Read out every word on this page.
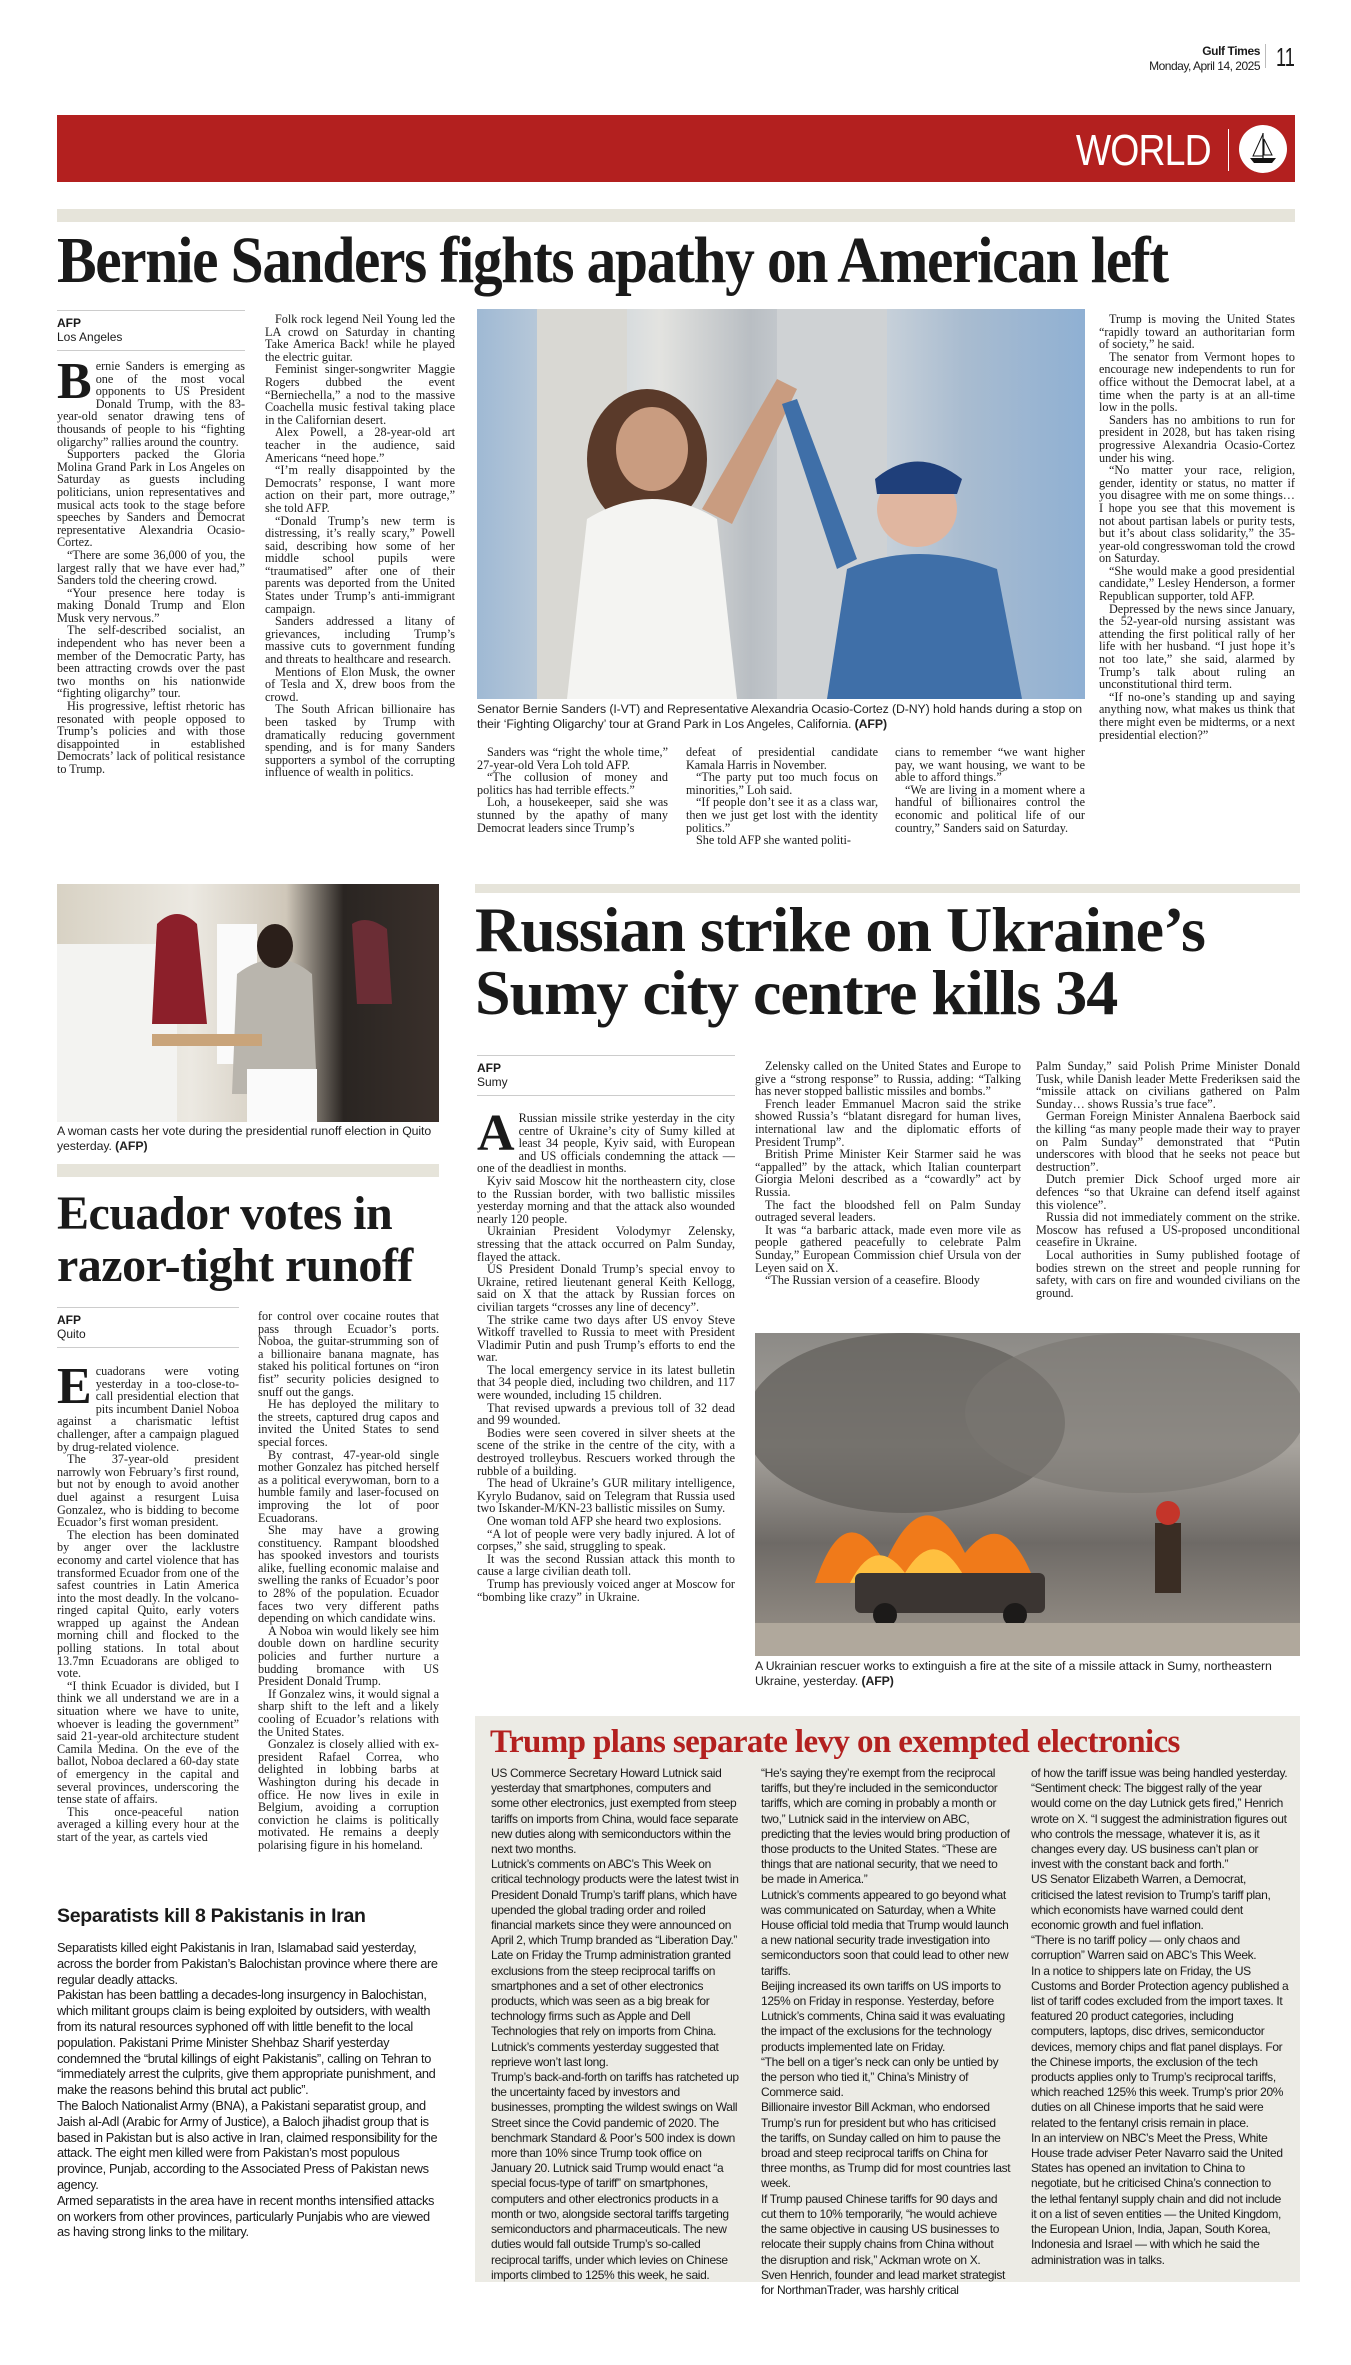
Gulf Times
Monday, April 14, 2025 11
WORLD
Bernie Sanders fights apathy on American left
AFP
Los Angeles

Bernie Sanders is emerging as one of the most vocal opponents to US President Donald Trump, with the 83-year-old senator drawing tens of thousands of people to his “fighting oligarchy” rallies around the country.

Supporters packed the Gloria Molina Grand Park in Los Angeles on Saturday as guests including politicians, union representatives and musical acts took to the stage before speeches by Sanders and Democrat representative Alexandria Ocasio-Cortez.

“There are some 36,000 of you, the largest rally that we have ever had,” Sanders told the cheering crowd.

“Your presence here today is making Donald Trump and Elon Musk very nervous.”

The self-described socialist, an independent who has never been a member of the Democratic Party, has been attracting crowds over the past two months on his nationwide “fighting oligarchy” tour.

His progressive, leftist rhetoric has resonated with people opposed to Trump’s policies and with those disappointed in established Democrats’ lack of political resistance to Trump.

Folk rock legend Neil Young led the LA crowd on Saturday in chanting Take America Back! while he played the electric guitar.

Feminist singer-songwriter Maggie Rogers dubbed the event “Berniechella,” a nod to the massive Coachella music festival taking place in the Californian desert.

Alex Powell, a 28-year-old art teacher in the audience, said Americans “need hope.”

“I’m really disappointed by the Democrats’ response, I want more action on their part, more outrage,” she told AFP.

“Donald Trump’s new term is distressing, it’s really scary,” Powell said, describing how some of her middle school pupils were “traumatised” after one of their parents was deported from the United States under Trump’s anti-immigrant campaign.

Sanders addressed a litany of grievances, including Trump’s massive cuts to government funding and threats to healthcare and research.

Mentions of Elon Musk, the owner of Tesla and X, drew boos from the crowd.

The South African billionaire has been tasked by Trump with dramatically reducing government spending, and is for many Sanders supporters a symbol of the corrupting influence of wealth in politics.

Senator Bernie Sanders (I-VT) and Representative Alexandria Ocasio-Cortez (D-NY) hold hands during a stop on their ‘Fighting Oligarchy’ tour at Grand Park in Los Angeles, California. (AFP)

Sanders was “right the whole time,” 27-year-old Vera Loh told AFP.

“The collusion of money and politics has had terrible effects.”

Loh, a housekeeper, said she was stunned by the apathy of many Democrat leaders since Trump’s

defeat of presidential candidate Kamala Harris in November.

“The party put too much focus on minorities,” Loh said.

“If people don’t see it as a class war, then we just get lost with the identity politics.”

She told AFP she wanted politi-

cians to remember “we want higher pay, we want housing, we want to be able to afford things.”

“We are living in a moment where a handful of billionaires control the economic and political life of our country,” Sanders said on Saturday.

Trump is moving the United States “rapidly toward an authoritarian form of society,” he said.

The senator from Vermont hopes to encourage new independents to run for office without the Democrat label, at a time when the party is at an all-time low in the polls.

Sanders has no ambitions to run for president in 2028, but has taken rising progressive Alexandria Ocasio-Cortez under his wing.

“No matter your race, religion, gender, identity or status, no matter if you disagree with me on some things… I hope you see that this movement is not about partisan labels or purity tests, but it’s about class solidarity,” the 35-year-old congresswoman told the crowd on Saturday.

“She would make a good presidential candidate,” Lesley Henderson, a former Republican supporter, told AFP.

Depressed by the news since January, the 52-year-old nursing assistant was attending the first political rally of her life with her husband. “I just hope it’s not too late,” she said, alarmed by Trump’s talk about ruling an unconstitutional third term.

“If no-one’s standing up and saying anything now, what makes us think that there might even be midterms, or a next presidential election?”

A woman casts her vote during the presidential runoff election in Quito yesterday. (AFP)
Ecuador votes in razor-tight runoff
AFP
Quito

Ecuadorans were voting yesterday in a too-close-to-call presidential election that pits incumbent Daniel Noboa against a charismatic leftist challenger, after a campaign plagued by drug-related violence.

The 37-year-old president narrowly won February’s first round, but not by enough to avoid another duel against a resurgent Luisa Gonzalez, who is bidding to become Ecuador’s first woman president.

The election has been dominated by anger over the lacklustre economy and cartel violence that has transformed Ecuador from one of the safest countries in Latin America into the most deadly. In the volcano-ringed capital Quito, early voters wrapped up against the Andean morning chill and flocked to the polling stations. In total about 13.7mn Ecuadorans are obliged to vote.

“I think Ecuador is divided, but I think we all understand we are in a situation where we have to unite, whoever is leading the government” said 21-year-old architecture student Camila Medina. On the eve of the ballot, Noboa declared a 60-day state of emergency in the capital and several provinces, underscoring the tense state of affairs.

This once-peaceful nation averaged a killing every hour at the start of the year, as cartels vied

for control over cocaine routes that pass through Ecuador’s ports. Noboa, the guitar-strumming son of a billionaire banana magnate, has staked his political fortunes on “iron fist” security policies designed to snuff out the gangs.

He has deployed the military to the streets, captured drug capos and invited the United States to send special forces.

By contrast, 47-year-old single mother Gonzalez has pitched herself as a political everywoman, born to a humble family and laser-focused on improving the lot of poor Ecuadorans.

She may have a growing constituency. Rampant bloodshed has spooked investors and tourists alike, fuelling economic malaise and swelling the ranks of Ecuador’s poor to 28% of the population. Ecuador faces two very different paths depending on which candidate wins.

A Noboa win would likely see him double down on hardline security policies and further nurture a budding bromance with US President Donald Trump.

If Gonzalez wins, it would signal a sharp shift to the left and a likely cooling of Ecuador’s relations with the United States.

Gonzalez is closely allied with ex-president Rafael Correa, who delighted in lobbing barbs at Washington during his decade in office. He now lives in exile in Belgium, avoiding a corruption conviction he claims is politically motivated. He remains a deeply polarising figure in his homeland.

Separatists kill 8 Pakistanis in Iran

Separatists killed eight Pakistanis in Iran, Islamabad said yesterday, across the border from Pakistan’s Balochistan province where there are regular deadly attacks.

Pakistan has been battling a decades-long insurgency in Balochistan, which militant groups claim is being exploited by outsiders, with wealth from its natural resources syphoned off with little benefit to the local population. Pakistani Prime Minister Shehbaz Sharif yesterday condemned the “brutal killings of eight Pakistanis”, calling on Tehran to “immediately arrest the culprits, give them appropriate punishment, and make the reasons behind this brutal act public”.

The Baloch Nationalist Army (BNA), a Pakistani separatist group, and Jaish al-Adl (Arabic for Army of Justice), a Baloch jihadist group that is based in Pakistan but is also active in Iran, claimed responsibility for the attack. The eight men killed were from Pakistan’s most populous province, Punjab, according to the Associated Press of Pakistan news agency.

Armed separatists in the area have in recent months intensified attacks on workers from other provinces, particularly Punjabis who are viewed as having strong links to the military.

Russian strike on Ukraine’s Sumy city centre kills 34
AFP
Sumy

ARussian missile strike yesterday in the city centre of Ukraine’s city of Sumy killed at least 34 people, Kyiv said, with European and US officials condemning the attack — one of the deadliest in months.

Kyiv said Moscow hit the northeastern city, close to the Russian border, with two ballistic missiles yesterday morning and that the attack also wounded nearly 120 people.

Ukrainian President Volodymyr Zelensky, stressing that the attack occurred on Palm Sunday, flayed the attack.

US President Donald Trump’s special envoy to Ukraine, retired lieutenant general Keith Kellogg, said on X that the attack by Russian forces on civilian targets “crosses any line of decency”.

The strike came two days after US envoy Steve Witkoff travelled to Russia to meet with President Vladimir Putin and push Trump’s efforts to end the war.

The local emergency service in its latest bulletin that 34 people died, including two children, and 117 were wounded, including 15 children.

That revised upwards a previous toll of 32 dead and 99 wounded.

Bodies were seen covered in silver sheets at the scene of the strike in the centre of the city, with a destroyed trolleybus. Rescuers worked through the rubble of a building.

The head of Ukraine’s GUR military intelligence, Kyrylo Budanov, said on Telegram that Russia used two Iskander-M/KN-23 ballistic missiles on Sumy.

One woman told AFP she heard two explosions.

“A lot of people were very badly injured. A lot of corpses,” she said, struggling to speak.

It was the second Russian attack this month to cause a large civilian death toll.

Trump has previously voiced anger at Moscow for “bombing like crazy” in Ukraine.

Zelensky called on the United States and Europe to give a “strong response” to Russia, adding: “Talking has never stopped ballistic missiles and bombs.”

French leader Emmanuel Macron said the strike showed Russia’s “blatant disregard for human lives, international law and the diplomatic efforts of President Trump”.

British Prime Minister Keir Starmer said he was “appalled” by the attack, which Italian counterpart Giorgia Meloni described as a “cowardly” act by Russia.

The fact the bloodshed fell on Palm Sunday outraged several leaders.

It was “a barbaric attack, made even more vile as people gathered peacefully to celebrate Palm Sunday,” European Commission chief Ursula von der Leyen said on X.

“The Russian version of a ceasefire. Bloody

Palm Sunday,” said Polish Prime Minister Donald Tusk, while Danish leader Mette Frederiksen said the “missile attack on civilians gathered on Palm Sunday… shows Russia’s true face”.

German Foreign Minister Annalena Baerbock said the killing “as many people made their way to prayer on Palm Sunday” demonstrated that “Putin underscores with blood that he seeks not peace but destruction”.

Dutch premier Dick Schoof urged more air defences “so that Ukraine can defend itself against this violence”.

Russia did not immediately comment on the strike. Moscow has refused a US-proposed unconditional ceasefire in Ukraine.

Local authorities in Sumy published footage of bodies strewn on the street and people running for safety, with cars on fire and wounded civilians on the ground.

A Ukrainian rescuer works to extinguish a fire at the site of a missile attack in Sumy, northeastern Ukraine, yesterday. (AFP)
Trump plans separate levy on exempted electronics

US Commerce Secretary Howard Lutnick said yesterday that smartphones, computers and some other electronics, just exempted from steep tariffs on imports from China, would face separate new duties along with semiconductors within the next two months.

Lutnick’s comments on ABC’s This Week on critical technology products were the latest twist in President Donald Trump’s tariff plans, which have upended the global trading order and roiled financial markets since they were announced on April 2, which Trump branded as “Liberation Day.”

Late on Friday the Trump administration granted exclusions from the steep reciprocal tariffs on smartphones and a set of other electronics products, which was seen as a big break for technology firms such as Apple and Dell Technologies that rely on imports from China. Lutnick’s comments yesterday suggested that reprieve won’t last long.

Trump’s back-and-forth on tariffs has ratcheted up the uncertainty faced by investors and businesses, prompting the wildest swings on Wall Street since the Covid pandemic of 2020. The benchmark Standard & Poor’s 500 index is down more than 10% since Trump took office on January 20. Lutnick said Trump would enact “a special focus-type of tariff” on smartphones, computers and other electronics products in a month or two, alongside sectoral tariffs targeting semiconductors and pharmaceuticals. The new duties would fall outside Trump’s so-called reciprocal tariffs, under which levies on Chinese imports climbed to 125% this week, he said.

“He’s saying they’re exempt from the reciprocal tariffs, but they’re included in the semiconductor tariffs, which are coming in probably a month or two,” Lutnick said in the interview on ABC, predicting that the levies would bring production of those products to the United States. “These are things that are national security, that we need to be made in America.”

Lutnick’s comments appeared to go beyond what was communicated on Saturday, when a White House official told media that Trump would launch a new national security trade investigation into semiconductors soon that could lead to other new tariffs.

Beijing increased its own tariffs on US imports to 125% on Friday in response. Yesterday, before Lutnick’s comments, China said it was evaluating the impact of the exclusions for the technology products implemented late on Friday.

“The bell on a tiger’s neck can only be untied by the person who tied it,” China’s Ministry of Commerce said.

Billionaire investor Bill Ackman, who endorsed Trump’s run for president but who has criticised the tariffs, on Sunday called on him to pause the broad and steep reciprocal tariffs on China for three months, as Trump did for most countries last week.

If Trump paused Chinese tariffs for 90 days and cut them to 10% temporarily, “he would achieve the same objective in causing US businesses to relocate their supply chains from China without the disruption and risk,” Ackman wrote on X.

Sven Henrich, founder and lead market strategist for NorthmanTrader, was harshly critical

of how the tariff issue was being handled yesterday.

“Sentiment check: The biggest rally of the year would come on the day Lutnick gets fired,” Henrich wrote on X. “I suggest the administration figures out who controls the message, whatever it is, as it changes every day. US business can’t plan or invest with the constant back and forth.”

US Senator Elizabeth Warren, a Democrat, criticised the latest revision to Trump’s tariff plan, which economists have warned could dent economic growth and fuel inflation.

“There is no tariff policy — only chaos and corruption” Warren said on ABC’s This Week.

In a notice to shippers late on Friday, the US Customs and Border Protection agency published a list of tariff codes excluded from the import taxes. It featured 20 product categories, including computers, laptops, disc drives, semiconductor devices, memory chips and flat panel displays. For the Chinese imports, the exclusion of the tech products applies only to Trump’s reciprocal tariffs, which reached 125% this week. Trump’s prior 20% duties on all Chinese imports that he said were related to the fentanyl crisis remain in place.

In an interview on NBC’s Meet the Press, White House trade adviser Peter Navarro said the United States has opened an invitation to China to negotiate, but he criticised China’s connection to the lethal fentanyl supply chain and did not include it on a list of seven entities — the United Kingdom, the European Union, India, Japan, South Korea, Indonesia and Israel — with which he said the administration was in talks.
